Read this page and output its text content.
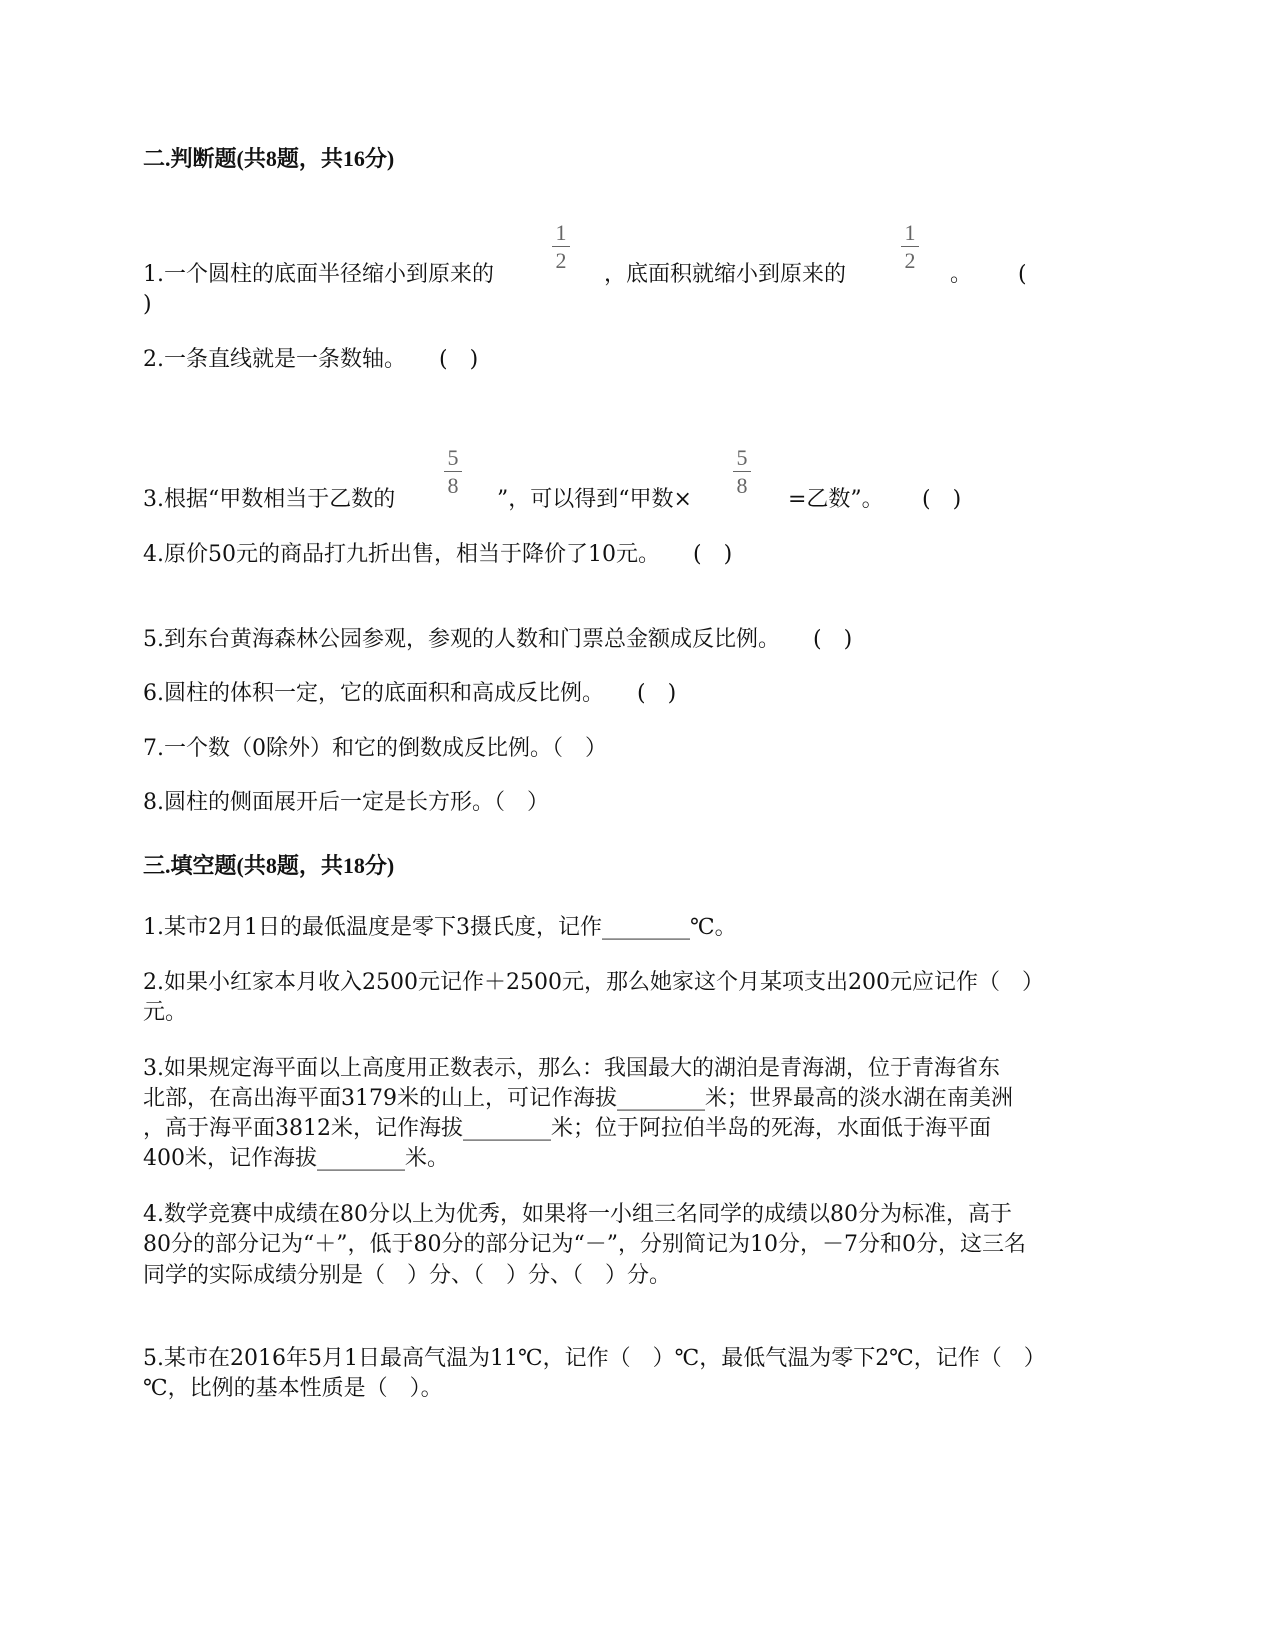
二.判断题(共8题，共16分)
1.一个圆柱的底面半径缩小到原来的
1
2
，底面积就缩小到原来的
1
2
。 (
)
2.一条直线就是一条数轴。　　(　)
3.根据“甲数相当于乙数的
5
8
”，可以得到“甲数×
5
8
=乙数”。 (　)
4.原价50元的商品打九折出售，相当于降价了10元。　　(　)
5.到东台黄海森林公园参观，参观的人数和门票总金额成反比例。　　(　)
6.圆柱的体积一定，它的底面积和高成反比例。　　(　)
7.一个数（0除外）和它的倒数成反比例。（　）
8.圆柱的侧面展开后一定是长方形。（　）
三.填空题(共8题，共18分)
1.某市2月1日的最低温度是零下3摄氏度，记作________℃。
2.如果小红家本月收入2500元记作＋2500元，那么她家这个月某项支出200元应记作（　）
元。
3.如果规定海平面以上高度用正数表示，那么：我国最大的湖泊是青海湖，位于青海省东
北部，在高出海平面3179米的山上，可记作海拔________米；世界最高的淡水湖在南美洲
，高于海平面3812米，记作海拔________米；位于阿拉伯半岛的死海，水面低于海平面
400米，记作海拔________米。
4.数学竞赛中成绩在80分以上为优秀，如果将一小组三名同学的成绩以80分为标准，高于
80分的部分记为“＋”，低于80分的部分记为“－”，分别简记为10分，－7分和0分，这三名
同学的实际成绩分别是（　）分、（　）分、（　）分。
5.某市在2016年5月1日最高气温为11℃，记作（　）℃，最低气温为零下2℃，记作（　）
℃，比例的基本性质是（　）。
